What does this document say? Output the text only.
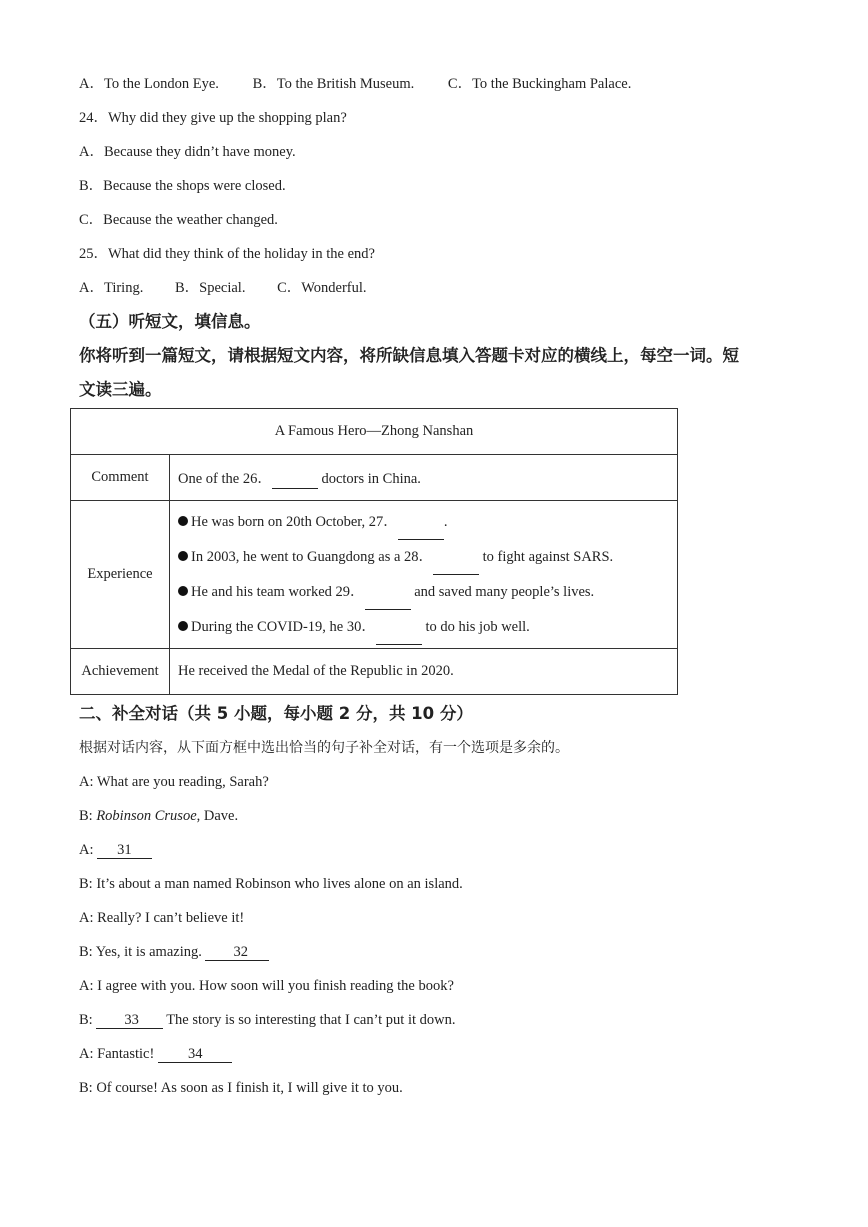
A．To the London Eye. B．To the British Museum. C．To the Buckingham Palace.
24．Why did they give up the shopping plan?
A．Because they didn’t have money.
B．Because the shops were closed.
C．Because the weather changed.
25．What did they think of the holiday in the end?
A．Tiring. B．Special. C．Wonderful.
（五）听短文，填信息。
你将听到一篇短文，请根据短文内容，将所缺信息填入答题卡对应的横线上，每空一词。短
文读三遍。
A Famous Hero—Zhong Nanshan	
Comment	One of the 26． doctors in China.
Experience	He was born on 20th October, 27． .
In 2003, he went to Guangdong as a 28． to fight against SARS.
He and his team worked 29． and saved many people’s lives.
During the COVID-19, he 30． to do his job well.

Achievement	He received the Medal of the Republic in 2020.
二、补全对话（共 5 小题，每小题 2 分，共 10 分）
根据对话内容，从下面方框中选出恰当的句子补全对话，有一个选项是多余的。
A: What are you reading, Sarah?
B: Robinson Crusoe, Dave.
A: 31
B: It’s about a man named Robinson who lives alone on an island.
A: Really? I can’t believe it!
B: Yes, it is amazing. 32
A: I agree with you. How soon will you finish reading the book?
B: 33 The story is so interesting that I can’t put it down.
A: Fantastic! 34
B: Of course! As soon as I finish it, I will give it to you.
